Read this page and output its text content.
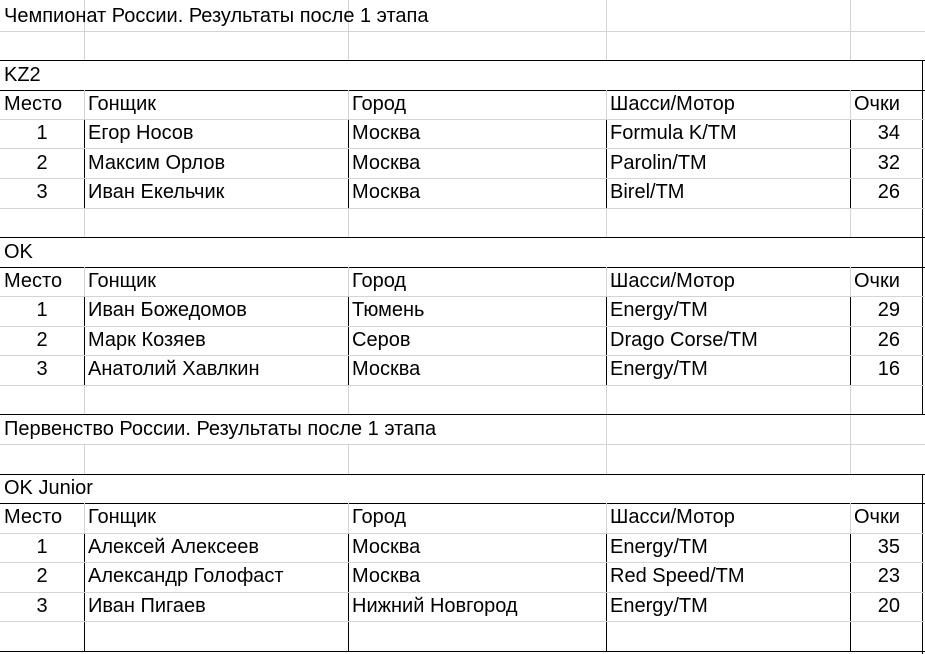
Чемпионат России. Результаты после 1 этапа
KZ2
Место	Гонщик	Город	Шасси/Мотор	Очки
1	Егор Носов	Москва	Formula K/TM	34
2	Максим Орлов	Москва	Parolin/TM	32
3	Иван Екельчик	Москва	Birel/TM	26
OK
Место	Гонщик	Город	Шасси/Мотор	Очки
1	Иван Божедомов	Тюмень	Energy/TM	29
2	Марк Козяев	Серов	Drago Corse/TM	26
3	Анатолий Хавлкин	Москва	Energy/TM	16
Первенство России. Результаты после 1 этапа
OK Junior
Место	Гонщик	Город	Шасси/Мотор	Очки
1	Алексей Алексеев	Москва	Energy/TM	35
2	Александр Голофаст	Москва	Red Speed/TM	23
3	Иван Пигаев	Нижний Новгород	Energy/TM	20
